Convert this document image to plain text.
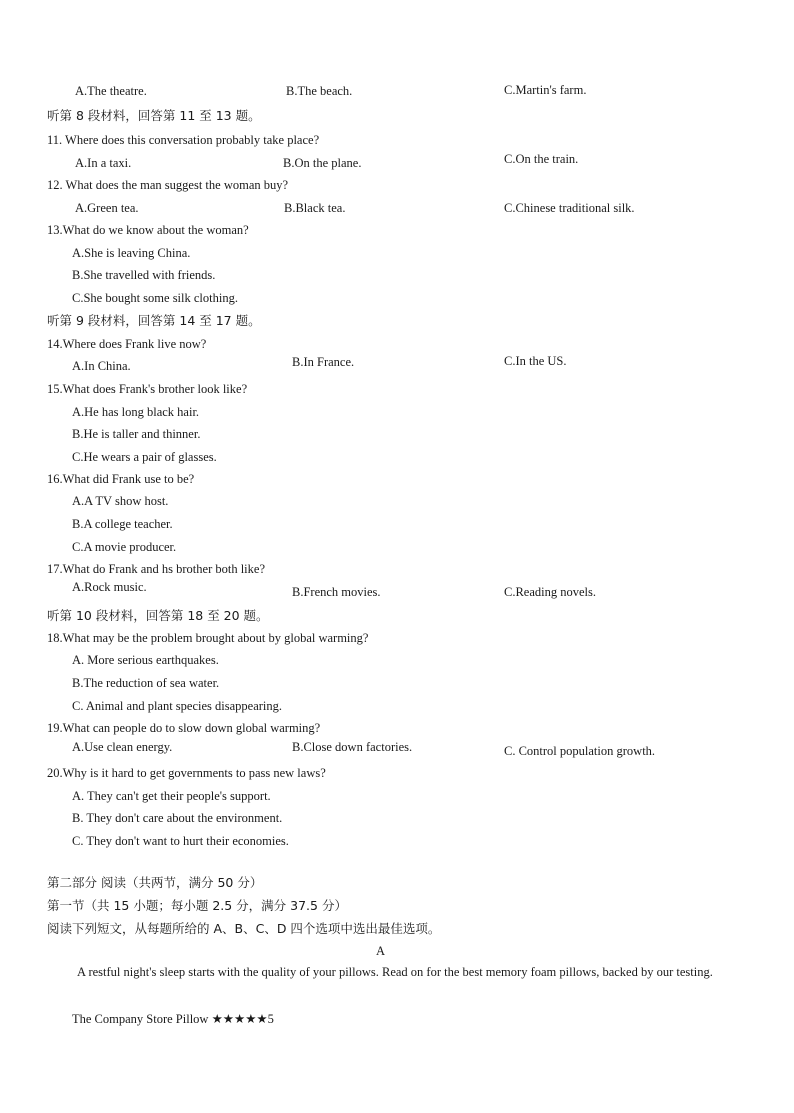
A.The theatre.	B.The beach.	C.Martin's farm.
听第 8 段材料，回答第 11 至 13 题。
11. Where does this conversation probably take place?
A.In a taxi.	B.On the plane.	C.On the train.
12. What does the man suggest the woman buy?
A.Green tea.	B.Black tea.	C.Chinese traditional silk.
13.What do we know about the woman?
A.She is leaving China.
B.She travelled with friends.
C.She bought some silk clothing.
听第 9 段材料，回答第 14 至 17 题。
14.Where does Frank live now?
A.In China.	B.In France.	C.In the US.
15.What does Frank's brother look like?
A.He has long black hair.
B.He is taller and thinner.
C.He wears a pair of glasses.
16.What did Frank use to be?
A.A TV show host.
B.A college teacher.
C.A movie producer.
17.What do Frank and hs brother both like?
A.Rock music.	B.French movies.	C.Reading novels.
听第 10 段材料，回答第 18 至 20 题。
18.What may be the problem brought about by global warming?
A. More serious earthquakes.
B.The reduction of sea water.
C. Animal and plant species disappearing.
19.What can people do to slow down global warming?
A.Use clean energy.	B.Close down factories.	C. Control population growth.
20.Why is it hard to get governments to pass new laws?
A. They can't get their people's support.
B. They don't care about the environment.
C. They don't want to hurt their economies.
第二部分 阅读（共两节，满分 50 分）
第一节（共 15 小题；每小题 2.5 分，满分 37.5 分）
阅读下列短文，从每题所给的 A、B、C、D 四个选项中选出最佳选项。
A
A restful night's sleep starts with the quality of your pillows. Read on for the best memory foam pillows, backed by our testing.
The Company Store Pillow ★★★★★5
